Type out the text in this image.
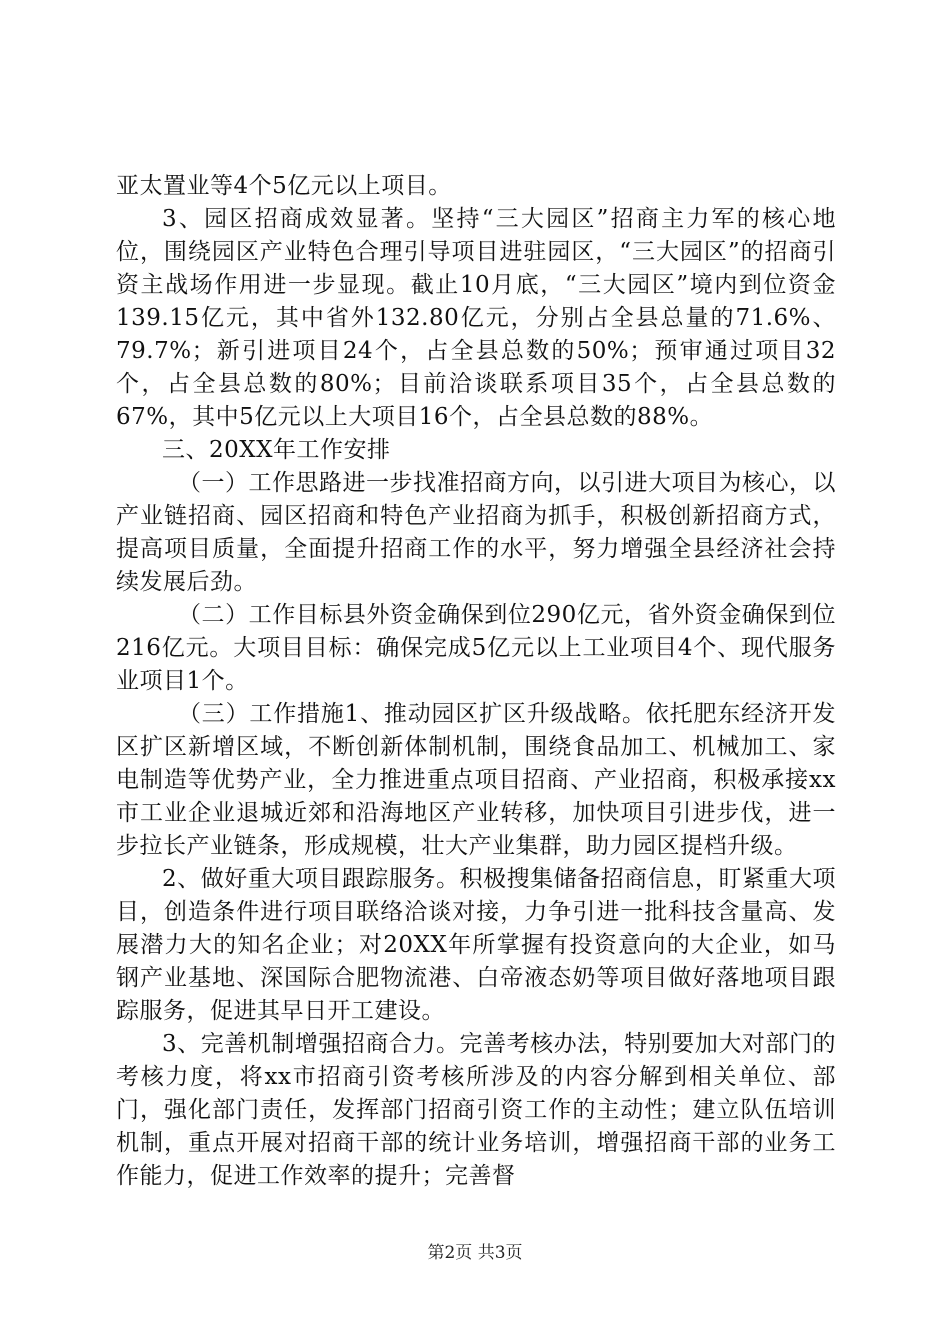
亚太置业等4个5亿元以上项目。

3、园区招商成效显著。坚持“三大园区”招商主力军的核心地位，围绕园区产业特色合理引导项目进驻园区，“三大园区”的招商引资主战场作用进一步显现。截止10月底，“三大园区”境内到位资金139.15亿元，其中省外132.80亿元，分别占全县总量的71.6%、79.7%；新引进项目24个，占全县总数的50%；预审通过项目32个，占全县总数的80%；目前洽谈联系项目35个，占全县总数的67%，其中5亿元以上大项目16个，占全县总数的88%。

三、20XX年工作安排

（一）工作思路进一步找准招商方向，以引进大项目为核心，以产业链招商、园区招商和特色产业招商为抓手，积极创新招商方式，提高项目质量，全面提升招商工作的水平，努力增强全县经济社会持续发展后劲。

（二）工作目标县外资金确保到位290亿元，省外资金确保到位216亿元。大项目目标：确保完成5亿元以上工业项目4个、现代服务业项目1个。

（三）工作措施1、推动园区扩区升级战略。依托肥东经济开发区扩区新增区域，不断创新体制机制，围绕食品加工、机械加工、家电制造等优势产业，全力推进重点项目招商、产业招商，积极承接xx市工业企业退城近郊和沿海地区产业转移，加快项目引进步伐，进一步拉长产业链条，形成规模，壮大产业集群，助力园区提档升级。

2、做好重大项目跟踪服务。积极搜集储备招商信息，盯紧重大项目，创造条件进行项目联络洽谈对接，力争引进一批科技含量高、发展潜力大的知名企业；对20XX年所掌握有投资意向的大企业，如马钢产业基地、深国际合肥物流港、白帝液态奶等项目做好落地项目跟踪服务，促进其早日开工建设。

3、完善机制增强招商合力。完善考核办法，特别要加大对部门的考核力度，将xx市招商引资考核所涉及的内容分解到相关单位、部门，强化部门责任，发挥部门招商引资工作的主动性；建立队伍培训机制，重点开展对招商干部的统计业务培训，增强招商干部的业务工作能力，促进工作效率的提升；完善督

第2页 共3页
